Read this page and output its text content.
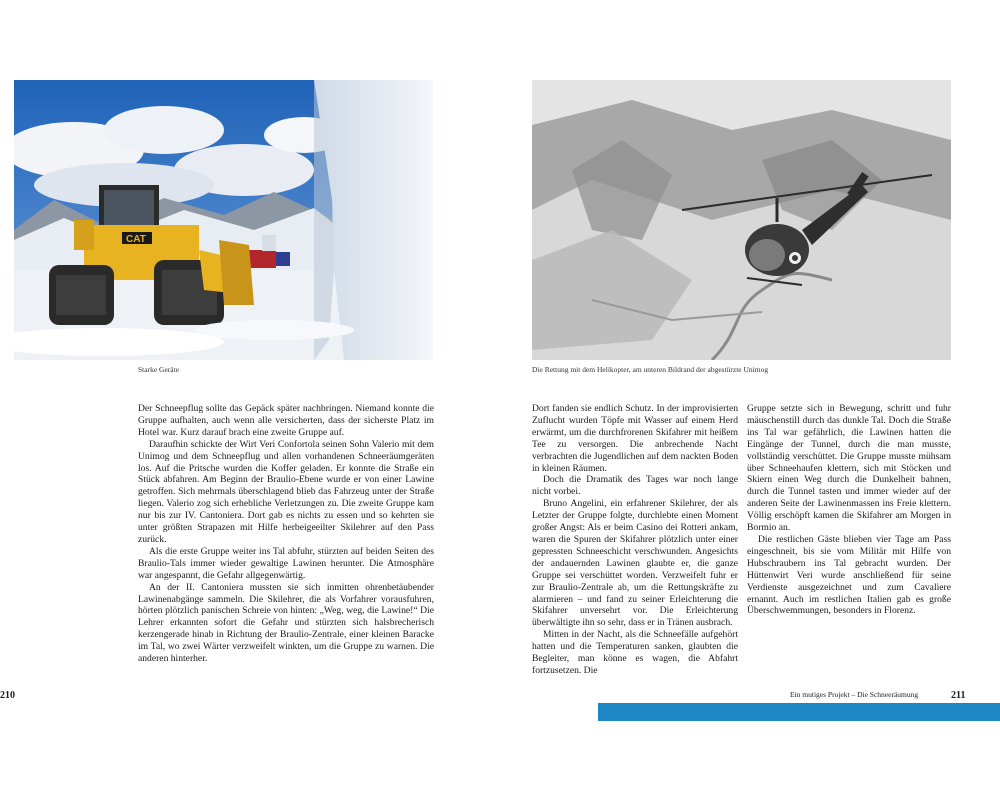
CAT
Starke Geräte	Die Rettung mit dem Helikopter, am unteren Bildrand der abgestürzte Unimog

Der Schneepflug sollte das Gepäck später nachbringen. Niemand konnte die Gruppe aufhalten, auch wenn alle versicherten, dass der sicherste Platz im Hotel war. Kurz darauf brach eine zweite Gruppe auf.

Daraufhin schickte der Wirt Veri Confortola seinen Sohn Valerio mit dem Unimog und dem Schneepflug und allen vorhandenen Schneeräumgeräten los. Auf die Pritsche wurden die Koffer geladen. Er konnte die Straße ein Stück abfahren. Am Beginn der Braulio-Ebene wurde er von einer Lawine getroffen. Sich mehrmals überschlagend blieb das Fahrzeug unter der Straße liegen. Valerio zog sich erhebliche Verletzungen zu. Die zweite Gruppe kam nur bis zur IV. Cantoniera. Dort gab es nichts zu essen und so kehrten sie unter größten Strapazen mit Hilfe herbeigeeilter Skilehrer auf den Pass zurück.

Als die erste Gruppe weiter ins Tal abfuhr, stürzten auf beiden Seiten des Braulio-Tals immer wieder gewaltige Lawinen herunter. Die Atmosphäre war angespannt, die Gefahr allgegenwärtig.

An der II. Cantoniera mussten sie sich inmitten ohrenbetäubender Lawinenabgänge sammeln. Die Skilehrer, die als Vorfahrer vorausfuhren, hörten plötzlich panischen Schreie von hinten: „Weg, weg, die Lawine!“ Die Lehrer erkannten sofort die Gefahr und stürzten sich halsbrecherisch kerzengerade hinab in Richtung der Braulio-Zentrale, einer kleinen Baracke im Tal, wo zwei Wärter verzweifelt winkten, um die Gruppe zu warnen. Die anderen hinterher.

Dort fanden sie endlich Schutz. In der improvisierten Zuflucht wurden Töpfe mit Wasser auf einem Herd erwärmt, um die durchfrorenen Skifahrer mit heißem Tee zu versorgen. Die anbrechende Nacht verbrachten die Jugendlichen auf dem nackten Boden in kleinen Räumen.

Doch die Dramatik des Tages war noch lange nicht vorbei.

Bruno Angelini, ein erfahrener Skilehrer, der als Letzter der Gruppe folgte, durchlebte einen Moment großer Angst: Als er beim Casino dei Rotteri ankam, waren die Spuren der Skifahrer plötzlich unter einer gepressten Schneeschicht verschwunden. Angesichts der andauernden Lawinen glaubte er, die ganze Gruppe sei verschüttet worden. Verzweifelt fuhr er zur Braulio-Zentrale ab, um die Rettungskräfte zu alarmieren – und fand zu seiner Erleichterung die Skifahrer unversehrt vor. Die Erleichterung überwältigte ihn so sehr, dass er in Tränen ausbrach.

Mitten in der Nacht, als die Schneefälle aufgehört hatten und die Temperaturen sanken, glaubten die Begleiter, man könne es wagen, die Abfahrt fortzusetzen. Die

Gruppe setzte sich in Bewegung, schritt und fuhr mäuschenstill durch das dunkle Tal. Doch die Straße ins Tal war gefährlich, die Lawinen hatten die Eingänge der Tunnel, durch die man musste, vollständig verschüttet. Die Gruppe musste mühsam über Schneehaufen klettern, sich mit Stöcken und Skiern einen Weg durch die Dunkelheit bahnen, durch die Tunnel tasten und immer wieder auf der anderen Seite der Lawinenmassen ins Freie klettern. Völlig erschöpft kamen die Skifahrer am Morgen in Bormio an.

Die restlichen Gäste blieben vier Tage am Pass eingeschneit, bis sie vom Militär mit Hilfe von Hubschraubern ins Tal gebracht wurden. Der Hüttenwirt Veri wurde anschließend für seine Verdienste ausgezeichnet und zum Cavaliere ernannt. Auch im restlichen Italien gab es große Überschwemmungen, besonders in Florenz.

210	Ein mutiges Projekt – Die Schneeräumung	211
